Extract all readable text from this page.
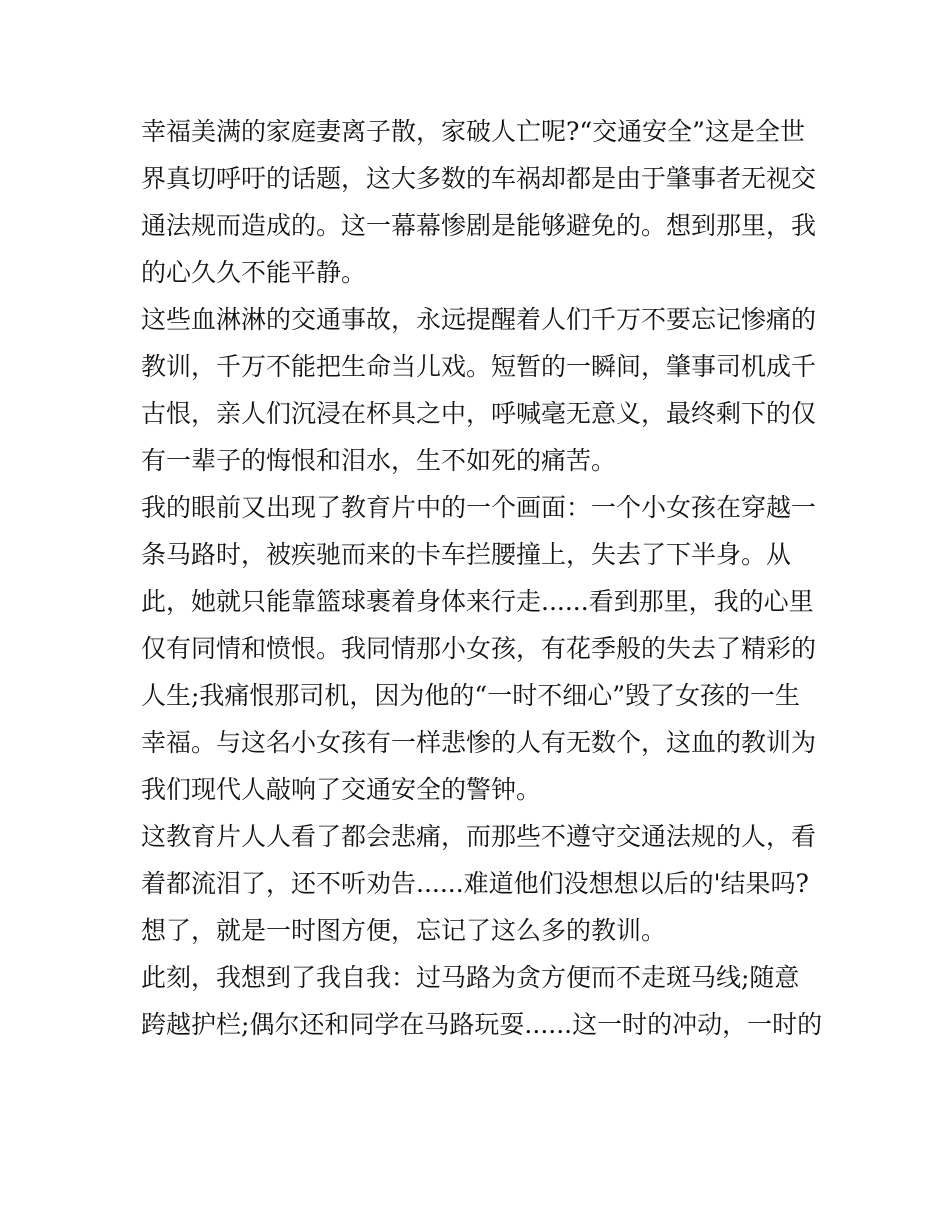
幸福美满的家庭妻离子散，家破人亡呢?“交通安全”这是全世
界真切呼吁的话题，这大多数的车祸却都是由于肇事者无视交
通法规而造成的。这一幕幕惨剧是能够避免的。想到那里，我
的心久久不能平静。
这些血淋淋的交通事故，永远提醒着人们千万不要忘记惨痛的
教训，千万不能把生命当儿戏。短暂的一瞬间，肇事司机成千
古恨，亲人们沉浸在杯具之中，呼喊毫无意义，最终剩下的仅
有一辈子的悔恨和泪水，生不如死的痛苦。
我的眼前又出现了教育片中的一个画面：一个小女孩在穿越一
条马路时，被疾驰而来的卡车拦腰撞上，失去了下半身。从
此，她就只能靠篮球裹着身体来行走......看到那里，我的心里
仅有同情和愤恨。我同情那小女孩，有花季般的失去了精彩的
人生;我痛恨那司机，因为他的“一时不细心”毁了女孩的一生
幸福。与这名小女孩有一样悲惨的人有无数个，这血的教训为
我们现代人敲响了交通安全的警钟。
这教育片人人看了都会悲痛，而那些不遵守交通法规的人，看
着都流泪了，还不听劝告......难道他们没想想以后的'结果吗?
想了，就是一时图方便，忘记了这么多的教训。
此刻，我想到了我自我：过马路为贪方便而不走斑马线;随意
跨越护栏;偶尔还和同学在马路玩耍......这一时的冲动，一时的
